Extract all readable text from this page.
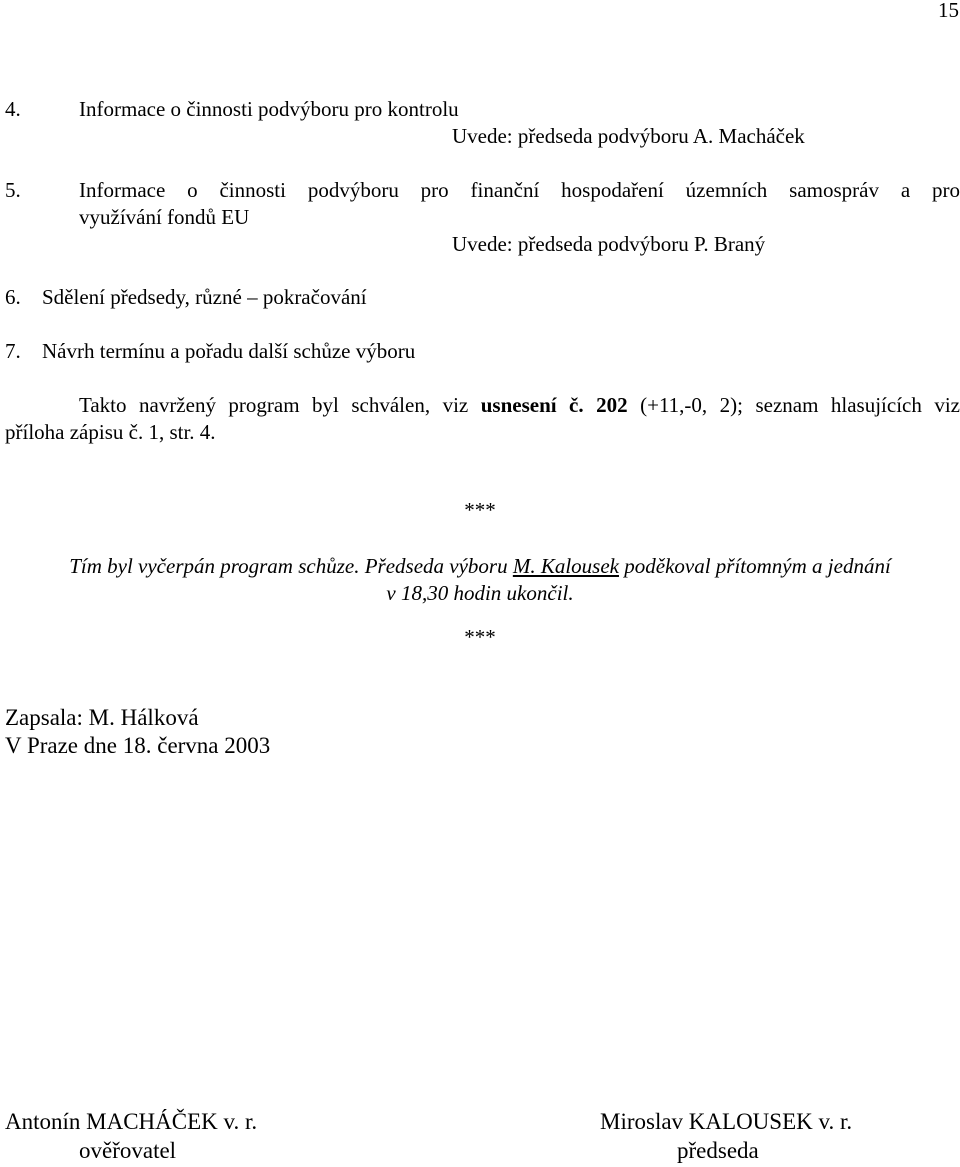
15
4.	Informace o činnosti podvýboru pro kontrolu
Uvede: předseda podvýboru A. Macháček
5.	Informace o činnosti podvýboru pro finanční hospodaření územních samospráv a pro
využívání fondů EU
Uvede: předseda podvýboru P. Braný
6. Sdělení předsedy, různé – pokračování
7. Návrh termínu a pořadu další schůze výboru
Takto navržený program byl schválen, viz usnesení č. 202 (+11,-0, 2); seznam hlasujících viz
příloha zápisu č. 1, str. 4.
***
Tím byl vyčerpán program schůze. Předseda výboru M. Kalousek poděkoval přítomným a jednání
v 18,30 hodin ukončil.
***
Zapsala: M. Hálková
V Praze dne 18. června 2003
Antonín MACHÁČEK v. r.
ověřovatel
Miroslav KALOUSEK v. r.
předseda
